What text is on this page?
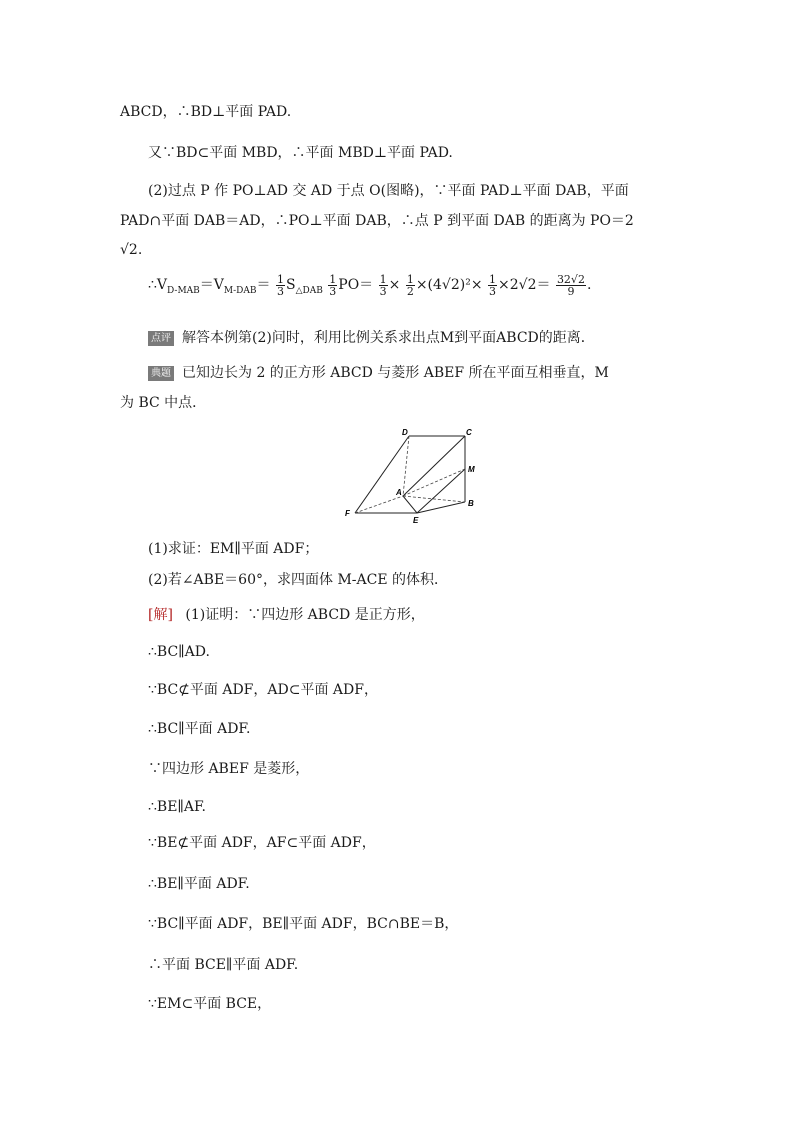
ABCD，∴BD⊥平面 PAD.
又∵BD⊂平面 MBD，∴平面 MBD⊥平面 PAD.
(2)过点 P 作 PO⊥AD 交 AD 于点 O(图略)，∵平面 PAD⊥平面 DAB，平面
PAD∩平面 DAB＝AD，∴PO⊥平面 DAB，∴点 P 到平面 DAB 的距离为 PO＝2
√2.
$\therefore V_{D-MAB}=V_{M-DAB}= \frac{1}{3} S_{\triangle DAB} \frac{1}{3} PO= \frac{1}{3} \times \frac{1}{2} \times(4√2)^2\times \frac{1}{3} \times 2√2= \frac{32√2}{9}$ .
点评 解答本例第(2)问时，利用比例关系求出点M到平面ABCD的距离．
典题 已知边长为 2 的正方形 ABCD 与菱形 ABEF 所在平面互相垂直，M
为 BC 中点．
D	C
M
A
B
F
E
(1)求证：EM∥平面 ADF；
(2)若∠ABE＝60°，求四面体 M-ACE 的体积．
[解] (1)证明：∵四边形 ABCD 是正方形，
∴BC∥AD.
∵BC⊄平面 ADF，AD⊂平面 ADF，
∴BC∥平面 ADF.
∵四边形 ABEF 是菱形，
∴BE∥AF.
∵BE⊄平面 ADF，AF⊂平面 ADF，
∴BE∥平面 ADF.
∵BC∥平面 ADF，BE∥平面 ADF，BC∩BE＝B，
∴平面 BCE∥平面 ADF.
∵EM⊂平面 BCE，
